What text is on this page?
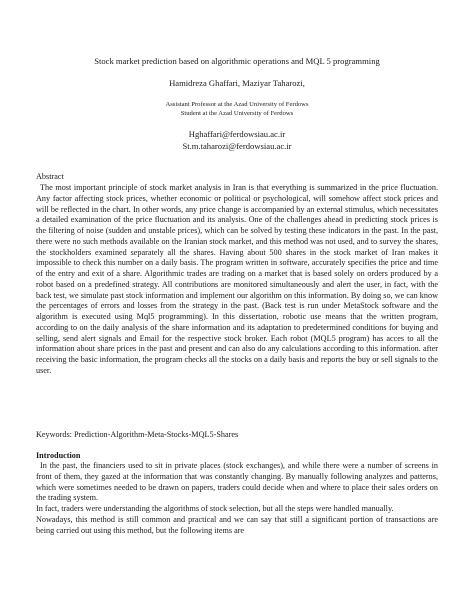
Stock market prediction based on algorithmic operations and MQL 5 programming
Hamidreza Ghaffari, Maziyar Taharozi,
Assistant Professor at the Azad University of Ferdows
Student at the Azad University of Ferdows
Hghaffari@ferdowsiau.ac.ir
St.m.taharozi@ferdowsiau.ac.ir
Abstract
The most important principle of stock market analysis in Iran is that everything is summarized in the price fluctuation. Any factor affecting stock prices, whether economic or political or psychological, will somehow affect stock prices and will be reflected in the chart. In other words, any price change is accompanied by an external stimulus, which necessitates a detailed examination of the price fluctuation and its analysis. One of the challenges ahead in predicting stock prices is the filtering of noise (sudden and unstable prices), which can be solved by testing these indicators in the past. In the past, there were no such methods available on the Iranian stock market, and this method was not used, and to survey the shares, the stockholders examined separately all the shares. Having about 500 shares in the stock market of Iran makes it impossible to check this number on a daily basis. The program written in software, accurately specifies the price and time of the entry and exit of a share. Algorithmic trades are trading on a market that is based solely on orders produced by a robot based on a predefined strategy. All contributions are monitored simultaneously and alert the user, in fact, with the back test, we simulate past stock information and implement our algorithm on this information. By doing so, we can know the percentages of errors and losses from the strategy in the past. (Back test is run under MetaStock software and the algorithm is executed using Mql5 programming). In this dissertation, robotic use means that the written program, according to on the daily analysis of the share information and its adaptation to predetermined conditions for buying and selling, send alert signals and Email for the respective stock broker. Each robot (MQL5 program) has acces to all the information about share prices in the past and present and can also do any calculations according to this information. after receiving the basic information, the program checks all the stocks on a daily basis and reports the buy or sell signals to the user.
Keywords: Prediction-Algorithm-Meta-Stocks-MQL5-Shares
Introduction

In the past, the financiers used to sit in private places (stock exchanges), and while there were a number of screens in front of them, they gazed at the information that was constantly changing. By manually following analyzes and patterns, which were sometimes needed to be drawn on papers, traders could decide when and where to place their sales orders on the trading system.

In fact, traders were understanding the algorithms of stock selection, but all the steps were handled manually.

Nowadays, this method is still common and practical and we can say that still a significant portion of transactions are being carried out using this method, but the following items are
